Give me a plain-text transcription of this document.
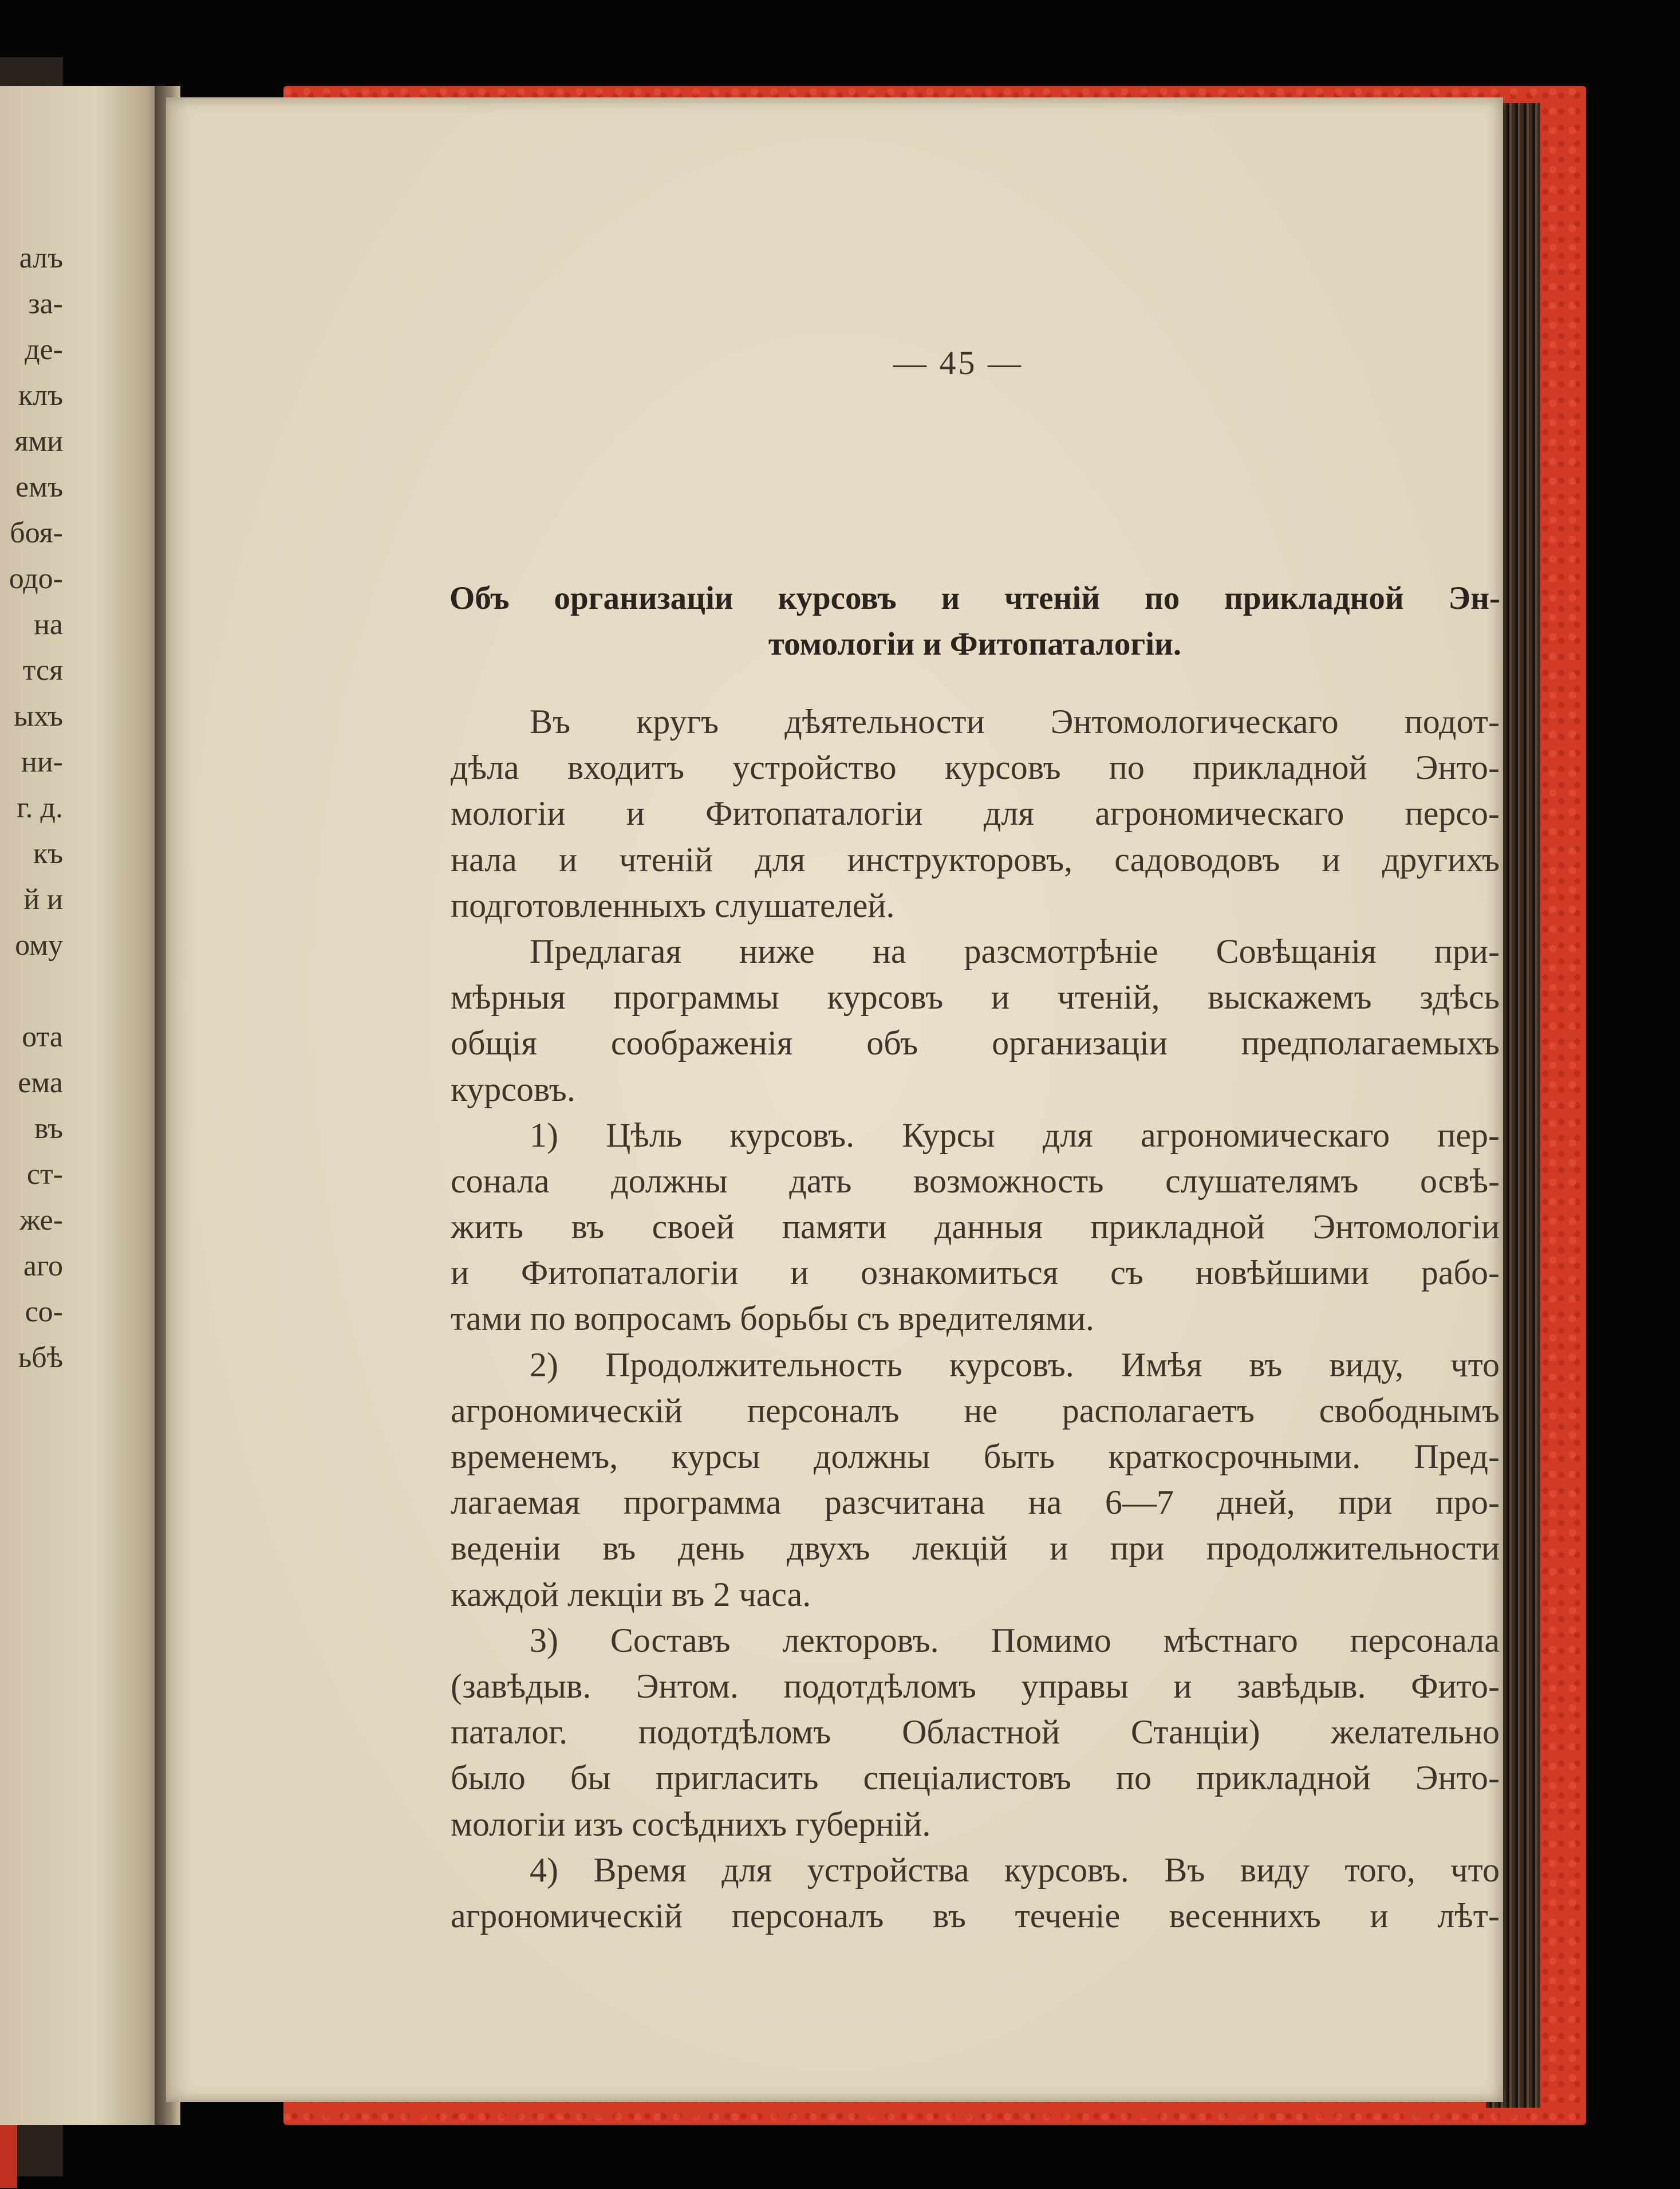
алъ
за-
де-
клъ
ями
емъ
боя-
одо-
на
тся
ыхъ
ни-
г. д.
къ
й и
ому
ота
ема
въ
ст-
же-
аго
со-
ьбѣ
— 45 —
Объ организаціи курсовъ и чтеній по прикладной Эн-
томологіи и Фитопаталогіи.
Въ кругъ дѣятельности Энтомологическаго подот-
дѣла входитъ устройство курсовъ по прикладной Энто-
мологіи и Фитопаталогіи для агрономическаго персо-
нала и чтеній для инструкторовъ, садоводовъ и другихъ
подготовленныхъ слушателей.
Предлагая ниже на разсмотрѣніе Совѣщанія при-
мѣрныя программы курсовъ и чтеній, выскажемъ здѣсь
общія соображенія объ организаціи предполагаемыхъ
курсовъ.
1) Цѣль курсовъ. Курсы для агрономическаго пер-
сонала должны дать возможность слушателямъ освѣ-
жить въ своей памяти данныя прикладной Энтомологіи
и Фитопаталогіи и ознакомиться съ новѣйшими рабо-
тами по вопросамъ борьбы съ вредителями.
2) Продолжительность курсовъ. Имѣя въ виду, что
агрономическій персоналъ не располагаетъ свободнымъ
временемъ, курсы должны быть краткосрочными. Пред-
лагаемая программа разсчитана на 6—7 дней, при про-
веденіи въ день двухъ лекцій и при продолжительности
каждой лекціи въ 2 часа.
3) Составъ лекторовъ. Помимо мѣстнаго персонала
(завѣдыв. Энтом. подотдѣломъ управы и завѣдыв. Фито-
паталог. подотдѣломъ Областной Станціи) желательно
было бы пригласить спеціалистовъ по прикладной Энто-
мологіи изъ сосѣднихъ губерній.
4) Время для устройства курсовъ. Въ виду того, что
агрономическій персоналъ въ теченіе весеннихъ и лѣт-
